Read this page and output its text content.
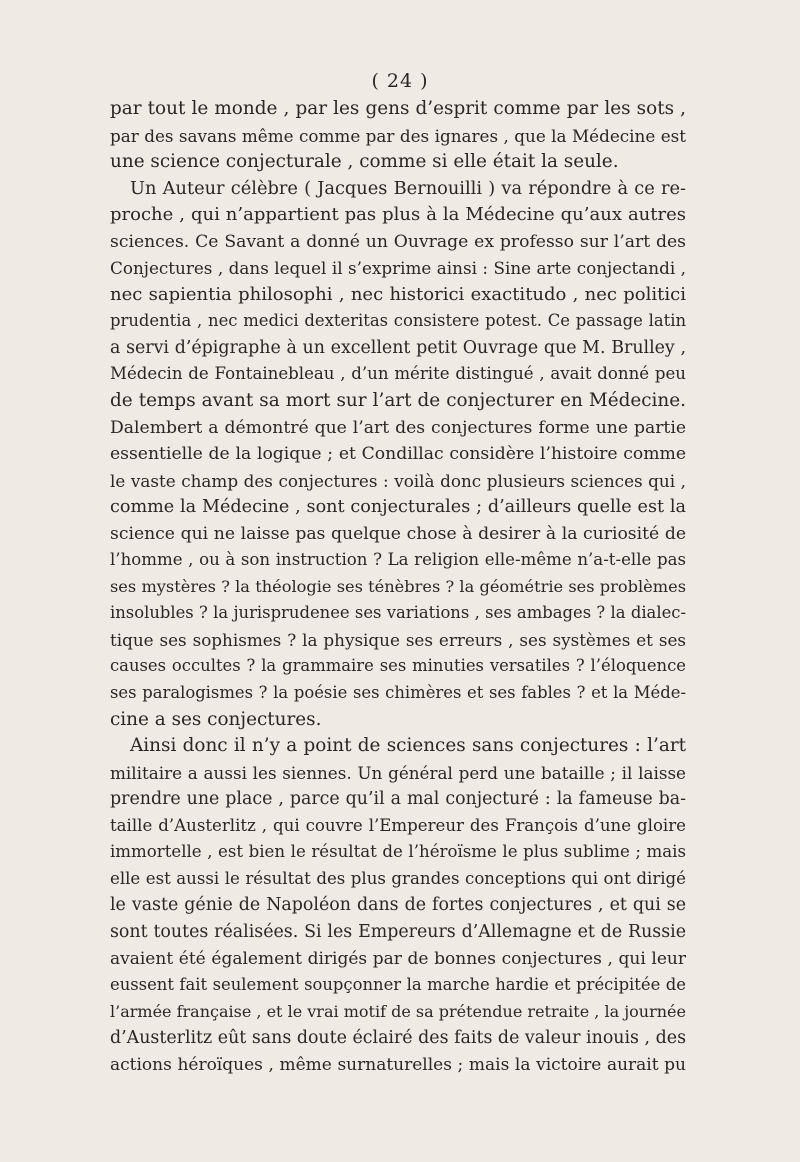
( 24 )
par tout le monde , par les gens d’esprit comme par les sots ,
par des savans même comme par des ignares , que la Médecine est
une science conjecturale , comme si elle était la seule.
Un Auteur célèbre ( Jacques Bernouilli ) va répondre à ce re-
proche , qui n’appartient pas plus à la Médecine qu’aux autres
sciences. Ce Savant a donné un Ouvrage ex professo sur l’art des
Conjectures , dans lequel il s’exprime ainsi : Sine arte conjectandi ,
nec sapientia philosophi , nec historici exactitudo , nec politici
prudentia , nec medici dexteritas consistere potest. Ce passage latin
a servi d’épigraphe à un excellent petit Ouvrage que M. Brulley ,
Médecin de Fontainebleau , d’un mérite distingué , avait donné peu
de temps avant sa mort sur l’art de conjecturer en Médecine.
Dalembert a démontré que l’art des conjectures forme une partie
essentielle de la logique ; et Condillac considère l’histoire comme
le vaste champ des conjectures : voilà donc plusieurs sciences qui ,
comme la Médecine , sont conjecturales ; d’ailleurs quelle est la
science qui ne laisse pas quelque chose à desirer à la curiosité de
l’homme , ou à son instruction ? La religion elle-même n’a-t-elle pas
ses mystères ? la théologie ses ténèbres ? la géométrie ses problèmes
insolubles ? la jurisprudenee ses variations , ses ambages ? la dialec-
tique ses sophismes ? la physique ses erreurs , ses systèmes et ses
causes occultes ? la grammaire ses minuties versatiles ? l’éloquence
ses paralogismes ? la poésie ses chimères et ses fables ? et la Méde-
cine a ses conjectures.
Ainsi donc il n’y a point de sciences sans conjectures : l’art
militaire a aussi les siennes. Un général perd une bataille ; il laisse
prendre une place , parce qu’il a mal conjecturé : la fameuse ba-
taille d’Austerlitz , qui couvre l’Empereur des François d’une gloire
immortelle , est bien le résultat de l’héroïsme le plus sublime ; mais
elle est aussi le résultat des plus grandes conceptions qui ont dirigé
le vaste génie de Napoléon dans de fortes conjectures , et qui se
sont toutes réalisées. Si les Empereurs d’Allemagne et de Russie
avaient été également dirigés par de bonnes conjectures , qui leur
eussent fait seulement soupçonner la marche hardie et précipitée de
l’armée française , et le vrai motif de sa prétendue retraite , la journée
d’Austerlitz eût sans doute éclairé des faits de valeur inouis , des
actions héroïques , même surnaturelles ; mais la victoire aurait pu
